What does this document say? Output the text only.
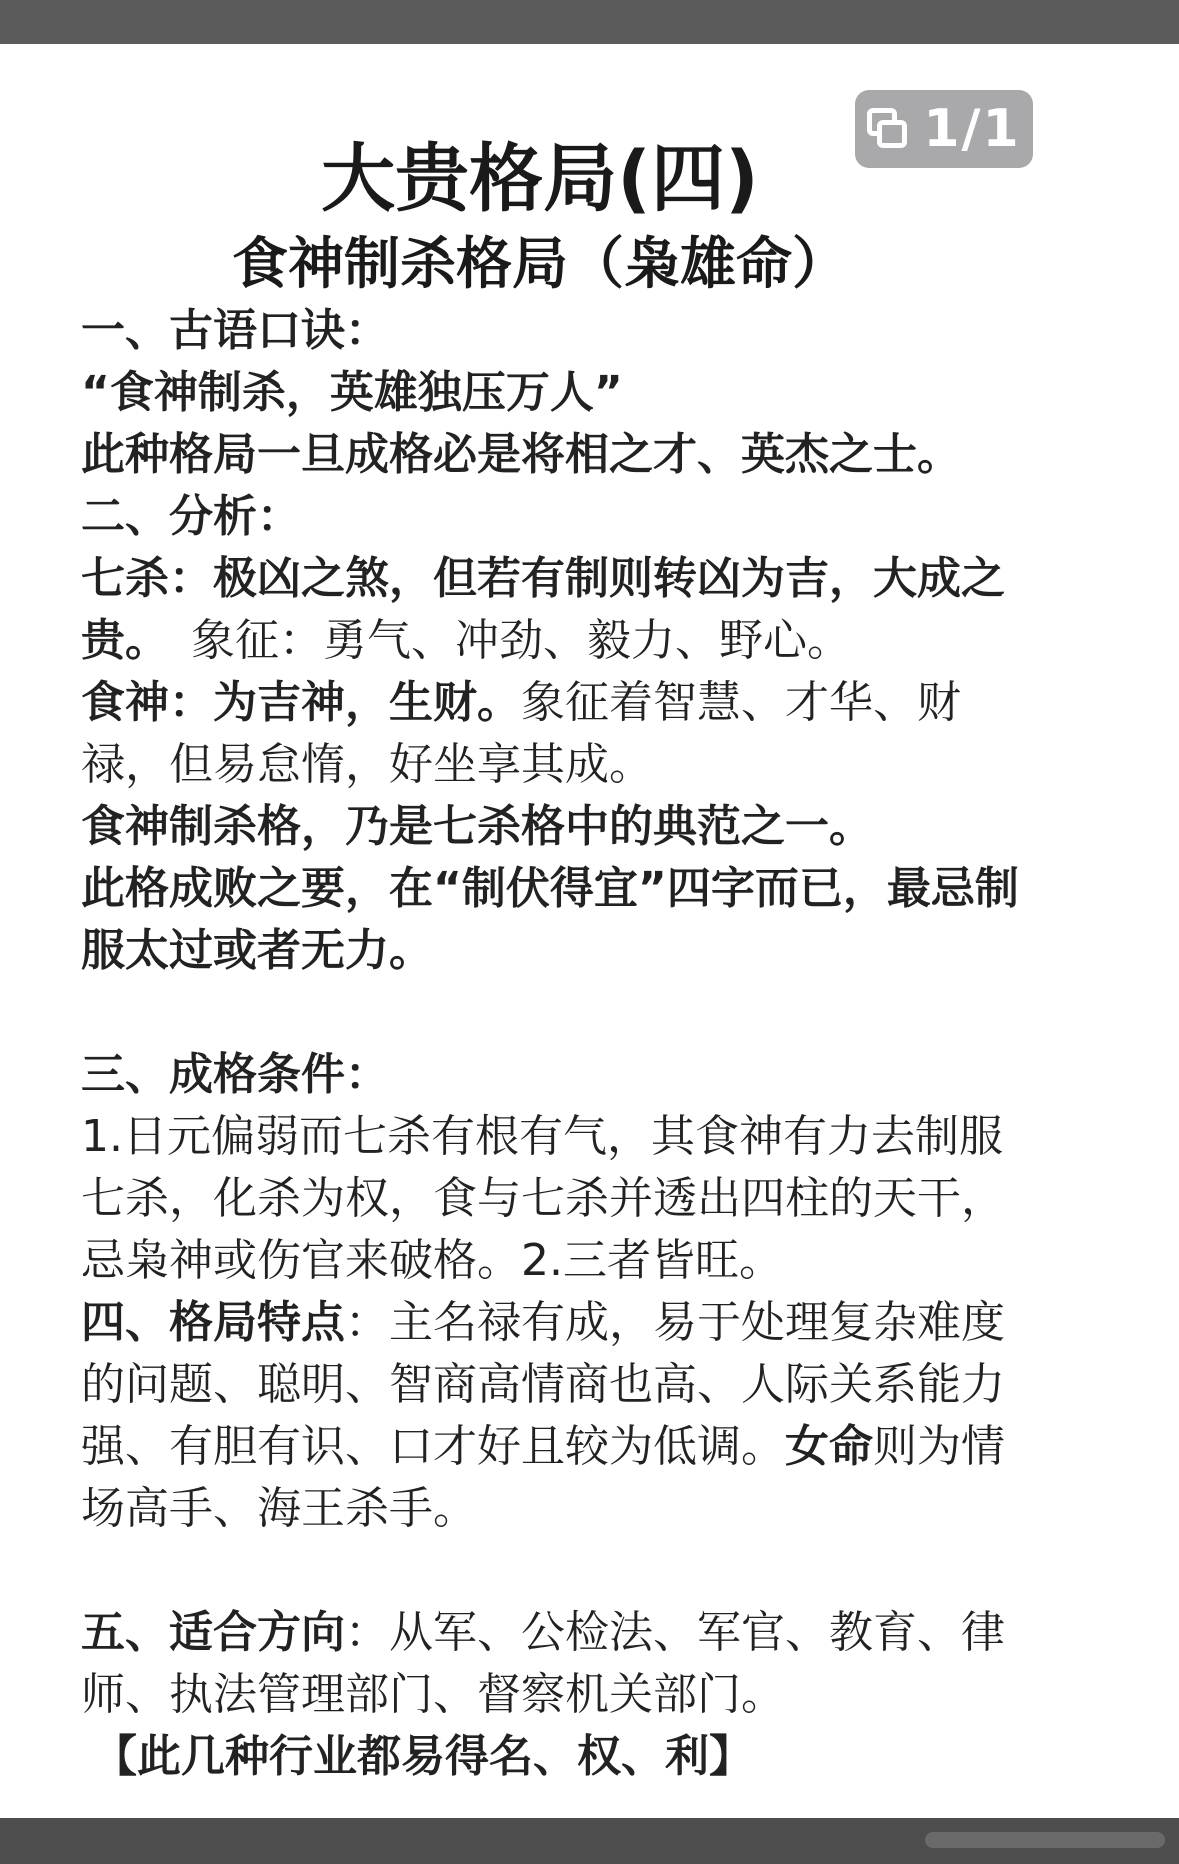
1/1
大贵格局(四)
食神制杀格局（枭雄命）
一、古语口诀：
“食神制杀，英雄独压万人”
此种格局一旦成格必是将相之才、英杰之士。
二、分析：
七杀：极凶之煞，但若有制则转凶为吉，大成之
贵。　象征：勇气、冲劲、毅力、野心。
食神：为吉神，生财。象征着智慧、才华、财
禄，但易怠惰，好坐享其成。
食神制杀格，乃是七杀格中的典范之一。
此格成败之要，在“制伏得宜”四字而已，最忌制
服太过或者无力。
三、成格条件：
1.日元偏弱而七杀有根有气，其食神有力去制服
七杀，化杀为权，食与七杀并透出四柱的天干，
忌枭神或伤官来破格。2.三者皆旺。
四、格局特点：主名禄有成，易于处理复杂难度
的问题、聪明、智商高情商也高、人际关系能力
强、有胆有识、口才好且较为低调。女命则为情
场高手、海王杀手。
五、适合方向：从军、公检法、军官、教育、律
师、执法管理部门、督察机关部门。
【此几种行业都易得名、权、利】
